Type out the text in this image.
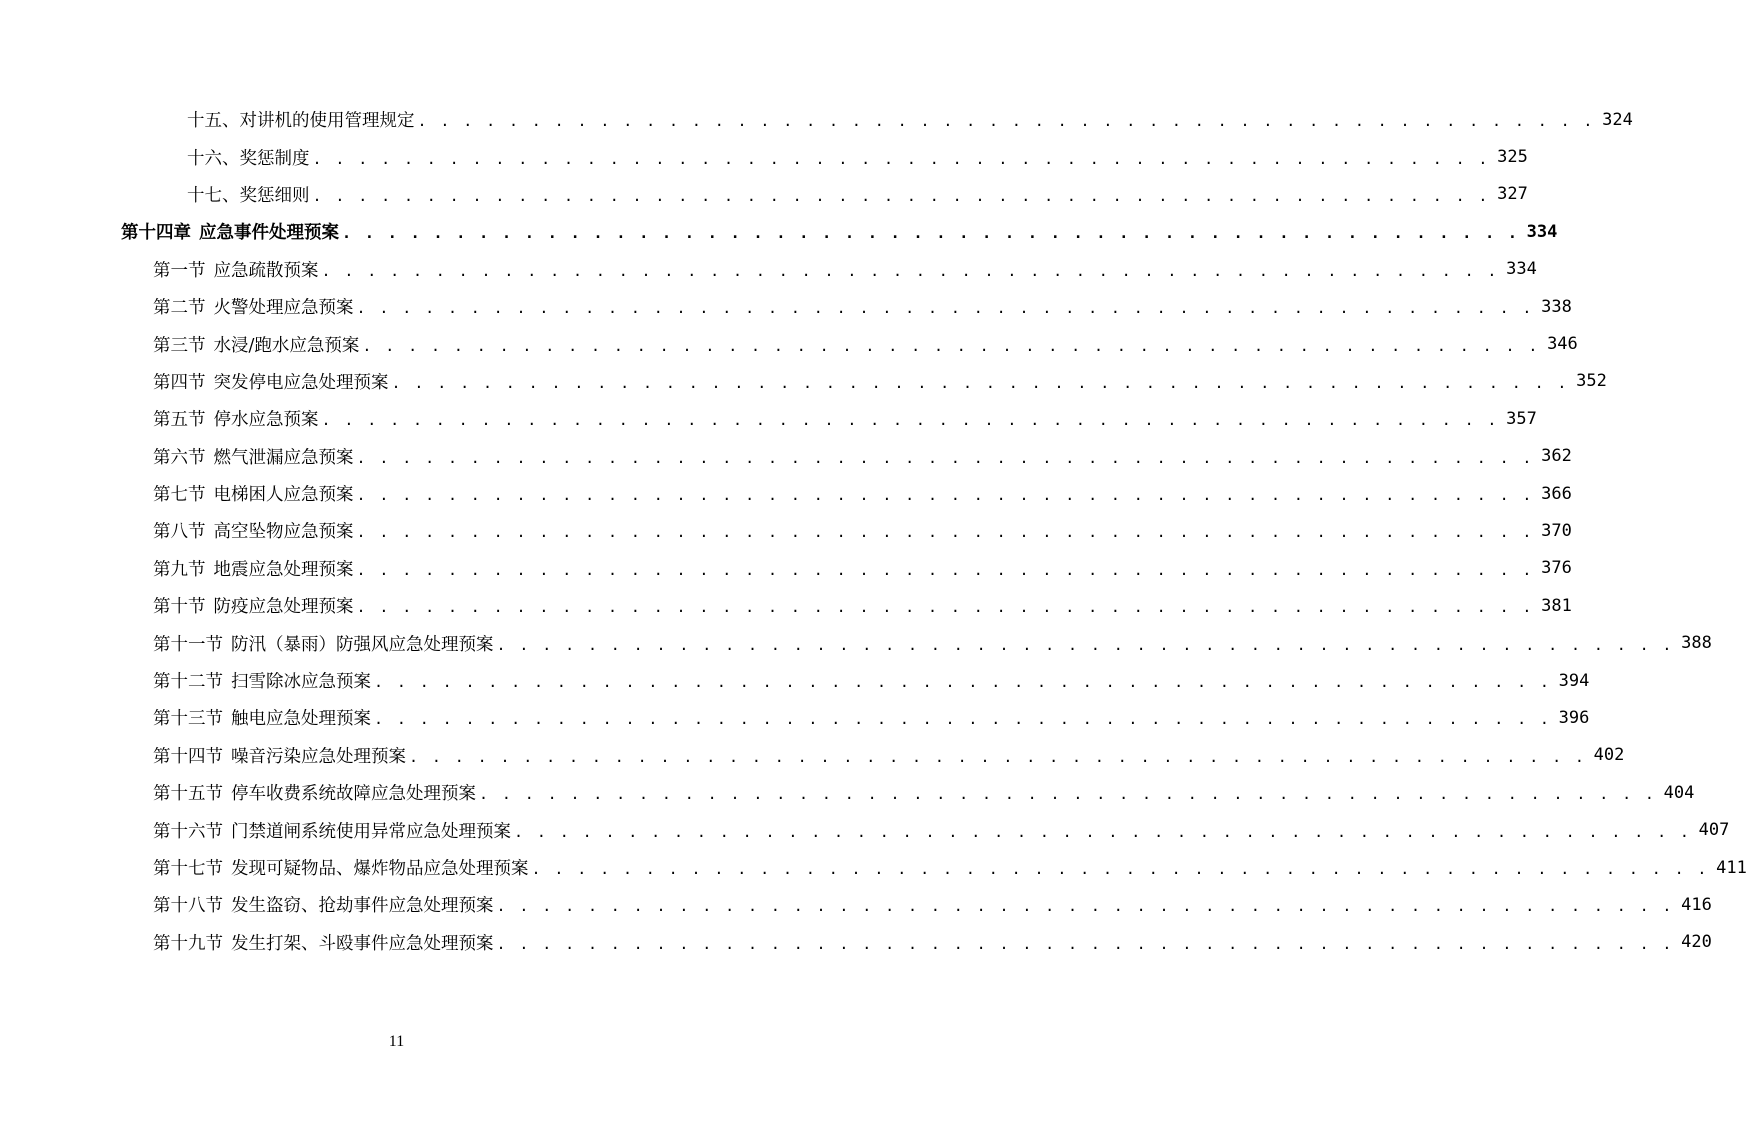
十五、对讲机的使用管理规定 . . . . . . . . . . . . . . . . . . . . . . . . . . . . . . . . . . . . . . . . . . . . . . . . . . . . 324
十六、奖惩制度 . . . . . . . . . . . . . . . . . . . . . . . . . . . . . . . . . . . . . . . . . . . . . . . . . . . . 325
十七、奖惩细则 . . . . . . . . . . . . . . . . . . . . . . . . . . . . . . . . . . . . . . . . . . . . . . . . . . . . 327
第十四章 应急事件处理预案 . . . . . . . . . . . . . . . . . . . . . . . . . . . . . . . . . . . . . . . . . . . . . . . . . . . . 334
第一节 应急疏散预案 . . . . . . . . . . . . . . . . . . . . . . . . . . . . . . . . . . . . . . . . . . . . . . . . . . . . 334
第二节 火警处理应急预案 . . . . . . . . . . . . . . . . . . . . . . . . . . . . . . . . . . . . . . . . . . . . . . . . . . . . 338
第三节 水浸/跑水应急预案 . . . . . . . . . . . . . . . . . . . . . . . . . . . . . . . . . . . . . . . . . . . . . . . . . . . . 346
第四节 突发停电应急处理预案 . . . . . . . . . . . . . . . . . . . . . . . . . . . . . . . . . . . . . . . . . . . . . . . . . . . . 352
第五节 停水应急预案 . . . . . . . . . . . . . . . . . . . . . . . . . . . . . . . . . . . . . . . . . . . . . . . . . . . . 357
第六节 燃气泄漏应急预案 . . . . . . . . . . . . . . . . . . . . . . . . . . . . . . . . . . . . . . . . . . . . . . . . . . . . 362
第七节 电梯困人应急预案 . . . . . . . . . . . . . . . . . . . . . . . . . . . . . . . . . . . . . . . . . . . . . . . . . . . . 366
第八节 高空坠物应急预案 . . . . . . . . . . . . . . . . . . . . . . . . . . . . . . . . . . . . . . . . . . . . . . . . . . . . 370
第九节 地震应急处理预案 . . . . . . . . . . . . . . . . . . . . . . . . . . . . . . . . . . . . . . . . . . . . . . . . . . . . 376
第十节 防疫应急处理预案 . . . . . . . . . . . . . . . . . . . . . . . . . . . . . . . . . . . . . . . . . . . . . . . . . . . . 381
第十一节 防汛（暴雨）防强风应急处理预案 . . . . . . . . . . . . . . . . . . . . . . . . . . . . . . . . . . . . . . . . . . . . . . . . . . . . 388
第十二节 扫雪除冰应急预案 . . . . . . . . . . . . . . . . . . . . . . . . . . . . . . . . . . . . . . . . . . . . . . . . . . . . 394
第十三节 触电应急处理预案 . . . . . . . . . . . . . . . . . . . . . . . . . . . . . . . . . . . . . . . . . . . . . . . . . . . . 396
第十四节 噪音污染应急处理预案 . . . . . . . . . . . . . . . . . . . . . . . . . . . . . . . . . . . . . . . . . . . . . . . . . . . . 402
第十五节 停车收费系统故障应急处理预案 . . . . . . . . . . . . . . . . . . . . . . . . . . . . . . . . . . . . . . . . . . . . . . . . . . . . 404
第十六节 门禁道闸系统使用异常应急处理预案 . . . . . . . . . . . . . . . . . . . . . . . . . . . . . . . . . . . . . . . . . . . . . . . . . . . . 407
第十七节 发现可疑物品、爆炸物品应急处理预案 . . . . . . . . . . . . . . . . . . . . . . . . . . . . . . . . . . . . . . . . . . . . . . . . . . . . 411
第十八节 发生盗窃、抢劫事件应急处理预案 . . . . . . . . . . . . . . . . . . . . . . . . . . . . . . . . . . . . . . . . . . . . . . . . . . . . 416
第十九节 发生打架、斗殴事件应急处理预案 . . . . . . . . . . . . . . . . . . . . . . . . . . . . . . . . . . . . . . . . . . . . . . . . . . . . 420
11
